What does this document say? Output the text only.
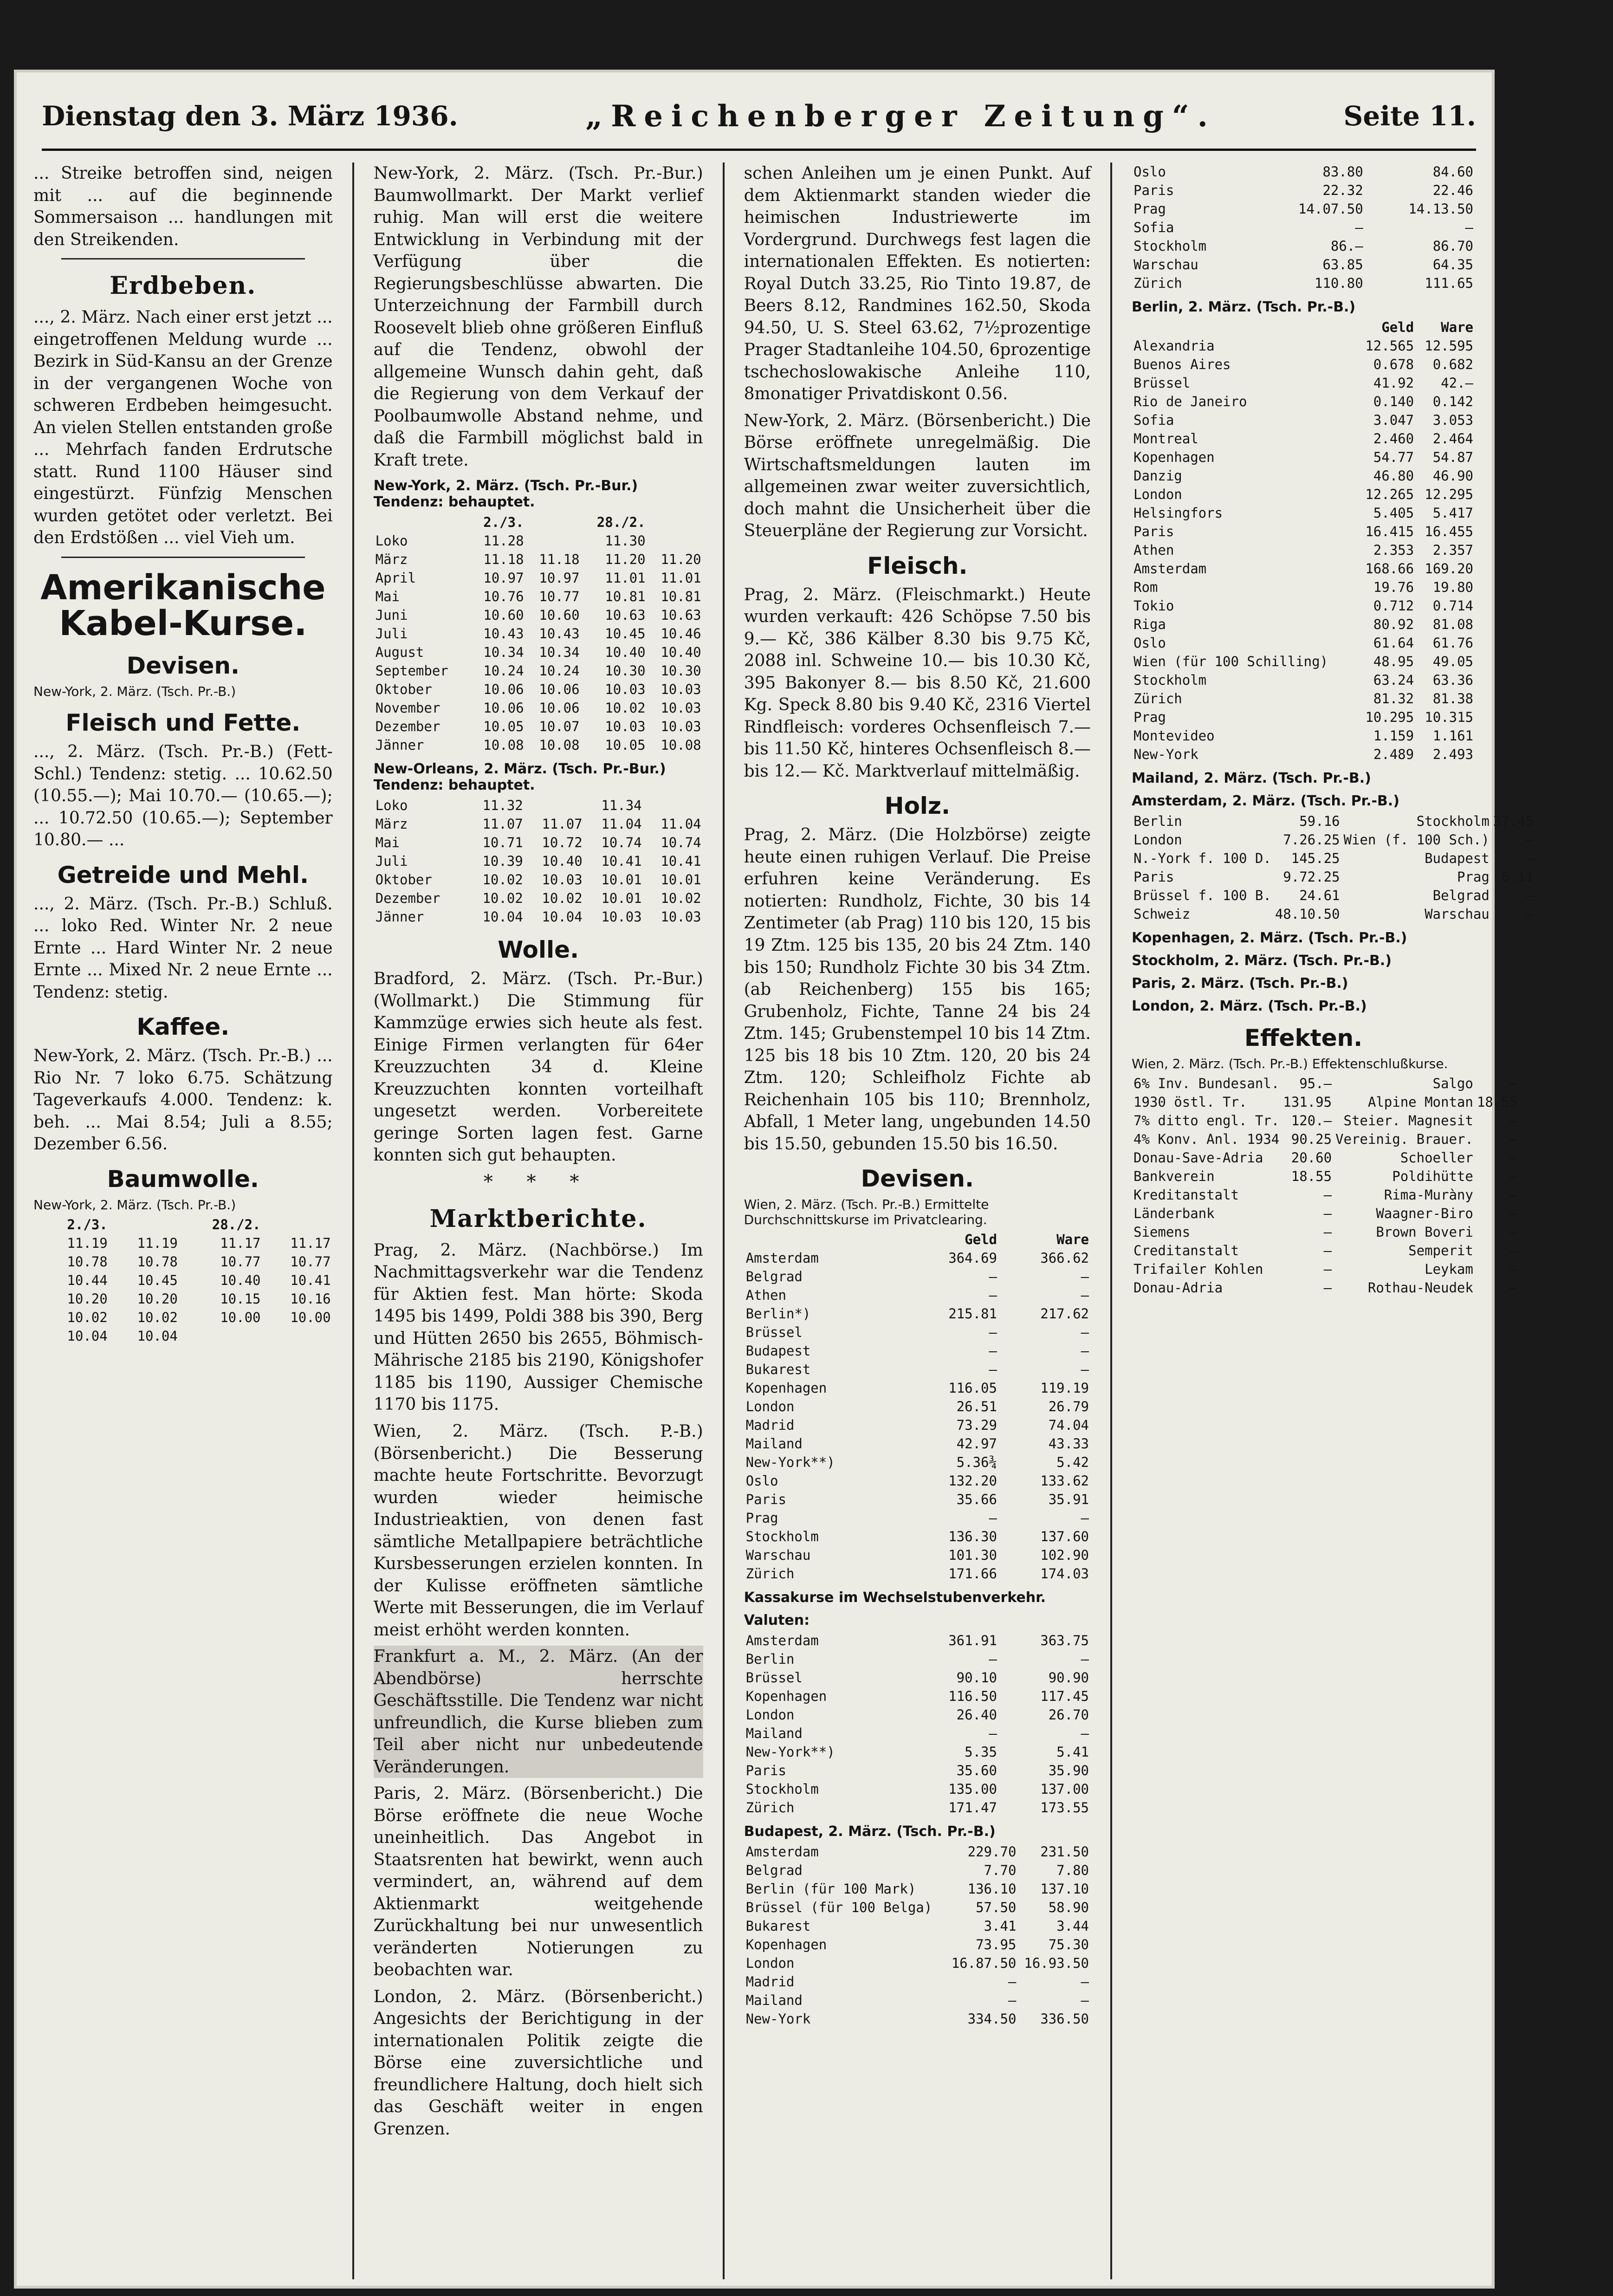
Dienstag den 3. März 1936.	„Reichenberger Zeitung“.	Seite 11.

... Streike betroffen sind, neigen mit ... auf die beginnende Sommersaison ... handlungen mit den Streikenden.

Erdbeben.

..., 2. März. Nach einer erst jetzt ... eingetroffenen Meldung wurde ... Bezirk in Süd-Kansu an der Grenze in der vergangenen Woche von schweren Erdbeben heimgesucht. An vielen Stellen entstanden große ... Mehrfach fanden Erdrutsche statt. Rund 1100 Häuser sind eingestürzt. Fünfzig Menschen wurden getötet oder verletzt. Bei den Erdstößen ... viel Vieh um.

Amerikanische Kabel-Kurse.
Devisen.
New-York, 2. März. (Tsch. Pr.-B.)
Fleisch und Fette.

..., 2. März. (Tsch. Pr.-B.) (Fett-Schl.) Tendenz: stetig. ... 10.62.50 (10.55.—); Mai 10.70.— (10.65.—); ... 10.72.50 (10.65.—); September 10.80.— ...

Getreide und Mehl.

..., 2. März. (Tsch. Pr.-B.) Schluß. ... loko Red. Winter Nr. 2 neue Ernte ... Hard Winter Nr. 2 neue Ernte ... Mixed Nr. 2 neue Ernte ... Tendenz: stetig.

Kaffee.

New-York, 2. März. (Tsch. Pr.-B.) ... Rio Nr. 7 loko 6.75. Schätzung Tageverkaufs 4.000. Tendenz: k. beh. ... Mai 8.54; Juli a 8.55; Dezember 6.56.

Baumwolle.
New-York, 2. März. (Tsch. Pr.-B.)
	2./3.		28./2.	
	11.19	11.19	11.17	11.17
	10.78	10.78	10.77	10.77
	10.44	10.45	10.40	10.41
	10.20	10.20	10.15	10.16
	10.02	10.02	10.00	10.00
	10.04	10.04		

New-York, 2. März. (Tsch. Pr.-Bur.) Baumwollmarkt. Der Markt verlief ruhig. Man will erst die weitere Entwicklung in Verbindung mit der Verfügung über die Regierungsbeschlüsse abwarten. Die Unterzeichnung der Farmbill durch Roosevelt blieb ohne größeren Einfluß auf die Tendenz, obwohl der allgemeine Wunsch dahin geht, daß die Regierung von dem Verkauf der Poolbaumwolle Abstand nehme, und daß die Farmbill möglichst bald in Kraft trete.

New-York, 2. März. (Tsch. Pr.-Bur.) Tendenz: behauptet.
	2./3.		28./2.	
Loko	11.28		11.30	
März	11.18	11.18	11.20	11.20
April	10.97	10.97	11.01	11.01
Mai	10.76	10.77	10.81	10.81
Juni	10.60	10.60	10.63	10.63
Juli	10.43	10.43	10.45	10.46
August	10.34	10.34	10.40	10.40
September	10.24	10.24	10.30	10.30
Oktober	10.06	10.06	10.03	10.03
November	10.06	10.06	10.02	10.03
Dezember	10.05	10.07	10.03	10.03
Jänner	10.08	10.08	10.05	10.08
New-Orleans, 2. März. (Tsch. Pr.-Bur.) Tendenz: behauptet.
Loko	11.32		11.34	
März	11.07	11.07	11.04	11.04
Mai	10.71	10.72	10.74	10.74
Juli	10.39	10.40	10.41	10.41
Oktober	10.02	10.03	10.01	10.01
Dezember	10.02	10.02	10.01	10.02
Jänner	10.04	10.04	10.03	10.03
Wolle.

Bradford, 2. März. (Tsch. Pr.-Bur.) (Wollmarkt.) Die Stimmung für Kammzüge erwies sich heute als fest. Einige Firmen verlangten für 64er Kreuzzuchten 34 d. Kleine Kreuzzuchten konnten vorteilhaft ungesetzt werden. Vorbereitete geringe Sorten lagen fest. Garne konnten sich gut behaupten.

* * *
Marktberichte.

Prag, 2. März. (Nachbörse.) Im Nachmittagsverkehr war die Tendenz für Aktien fest. Man hörte: Skoda 1495 bis 1499, Poldi 388 bis 390, Berg und Hütten 2650 bis 2655, Böhmisch-Mährische 2185 bis 2190, Königshofer 1185 bis 1190, Aussiger Chemische 1170 bis 1175.

Wien, 2. März. (Tsch. P.-B.) (Börsenbericht.) Die Besserung machte heute Fortschritte. Bevorzugt wurden wieder heimische Industrieaktien, von denen fast sämtliche Metallpapiere beträchtliche Kursbesserungen erzielen konnten. In der Kulisse eröffneten sämtliche Werte mit Besserungen, die im Verlauf meist erhöht werden konnten.

Frankfurt a. M., 2. März. (An der Abendbörse) herrschte Geschäftsstille. Die Tendenz war nicht unfreundlich, die Kurse blieben zum Teil aber nicht nur unbedeutende Veränderungen.

Paris, 2. März. (Börsenbericht.) Die Börse eröffnete die neue Woche uneinheitlich. Das Angebot in Staatsrenten hat bewirkt, wenn auch vermindert, an, während auf dem Aktienmarkt weitgehende Zurückhaltung bei nur unwesentlich veränderten Notierungen zu beobachten war.

London, 2. März. (Börsenbericht.) Angesichts der Berichtigung in der internationalen Politik zeigte die Börse eine zuversichtliche und freundlichere Haltung, doch hielt sich das Geschäft weiter in engen Grenzen.

schen Anleihen um je einen Punkt. Auf dem Aktienmarkt standen wieder die heimischen Industriewerte im Vordergrund. Durchwegs fest lagen die internationalen Effekten. Es notierten: Royal Dutch 33.25, Rio Tinto 19.87, de Beers 8.12, Randmines 162.50, Skoda 94.50, U. S. Steel 63.62, 7½prozentige Prager Stadtanleihe 104.50, 6prozentige tschechoslowakische Anleihe 110, 8monatiger Privatdiskont 0.56.

New-York, 2. März. (Börsenbericht.) Die Börse eröffnete unregelmäßig. Die Wirtschaftsmeldungen lauten im allgemeinen zwar weiter zuversichtlich, doch mahnt die Unsicherheit über die Steuerpläne der Regierung zur Vorsicht.

Fleisch.

Prag, 2. März. (Fleischmarkt.) Heute wurden verkauft: 426 Schöpse 7.50 bis 9.— Kč, 386 Kälber 8.30 bis 9.75 Kč, 2088 inl. Schweine 10.— bis 10.30 Kč, 395 Bakonyer 8.— bis 8.50 Kč, 21.600 Kg. Speck 8.80 bis 9.40 Kč, 2316 Viertel Rindfleisch: vorderes Ochsenfleisch 7.— bis 11.50 Kč, hinteres Ochsenfleisch 8.— bis 12.— Kč. Marktverlauf mittelmäßig.

Holz.

Prag, 2. März. (Die Holzbörse) zeigte heute einen ruhigen Verlauf. Die Preise erfuhren keine Veränderung. Es notierten: Rundholz, Fichte, 30 bis 14 Zentimeter (ab Prag) 110 bis 120, 15 bis 19 Ztm. 125 bis 135, 20 bis 24 Ztm. 140 bis 150; Rundholz Fichte 30 bis 34 Ztm. (ab Reichenberg) 155 bis 165; Grubenholz, Fichte, Tanne 24 bis 24 Ztm. 145; Grubenstempel 10 bis 14 Ztm. 125 bis 18 bis 10 Ztm. 120, 20 bis 24 Ztm. 120; Schleifholz Fichte ab Reichenhain 105 bis 110; Brennholz, Abfall, 1 Meter lang, ungebunden 14.50 bis 15.50, gebunden 15.50 bis 16.50.

Devisen.
Wien, 2. März. (Tsch. Pr.-B.) Ermittelte Durchschnittskurse im Privatclearing.
	Geld	Ware
Amsterdam	364.69	366.62
Belgrad	—	—
Athen	—	—
Berlin*)	215.81	217.62
Brüssel	—	—
Budapest	—	—
Bukarest	—	—
Kopenhagen	116.05	119.19
London	26.51	26.79
Madrid	73.29	74.04
Mailand	42.97	43.33
New-York**)	5.36¾	5.42
Oslo	132.20	133.62
Paris	35.66	35.91
Prag	—	—
Stockholm	136.30	137.60
Warschau	101.30	102.90
Zürich	171.66	174.03
Kassakurse im Wechselstubenverkehr.
Valuten:
Amsterdam	361.91	363.75
Berlin	—	—
Brüssel	90.10	90.90
Kopenhagen	116.50	117.45
London	26.40	26.70
Mailand	—	—
New-York**)	5.35	5.41
Paris	35.60	35.90
Stockholm	135.00	137.00
Zürich	171.47	173.55
Budapest, 2. März. (Tsch. Pr.-B.)
Amsterdam	229.70	231.50
Belgrad	7.70	7.80
Berlin (für 100 Mark)	136.10	137.10
Brüssel (für 100 Belga)	57.50	58.90
Bukarest	3.41	3.44
Kopenhagen	73.95	75.30
London	16.87.50	16.93.50
Madrid	—	—
Mailand	—	—
New-York	334.50	336.50
Oslo	83.80	84.60
Paris	22.32	22.46
Prag	14.07.50	14.13.50
Sofia	—	—
Stockholm	86.—	86.70
Warschau	63.85	64.35
Zürich	110.80	111.65
Berlin, 2. März. (Tsch. Pr.-B.)
	Geld	Ware
Alexandria	12.565	12.595
Buenos Aires	0.678	0.682
Brüssel	41.92	42.—
Rio de Janeiro	0.140	0.142
Sofia	3.047	3.053
Montreal	2.460	2.464
Kopenhagen	54.77	54.87
Danzig	46.80	46.90
London	12.265	12.295
Helsingfors	5.405	5.417
Paris	16.415	16.455
Athen	2.353	2.357
Amsterdam	168.66	169.20
Rom	19.76	19.80
Tokio	0.712	0.714
Riga	80.92	81.08
Oslo	61.64	61.76
Wien (für 100 Schilling)	48.95	49.05
Stockholm	63.24	63.36
Zürich	81.32	81.38
Prag	10.295	10.315
Montevideo	1.159	1.161
New-York	2.489	2.493
Mailand, 2. März. (Tsch. Pr.-B.)
Amsterdam, 2. März. (Tsch. Pr.-B.)
Berlin	59.16	Stockholm	37.45
London	7.26.25	Wien (f. 100 Sch.)	—
N.-York f. 100 D.	145.25	Budapest	—
Paris	9.72.25	Prag	6.11
Brüssel f. 100 B.	24.61	Belgrad	—
Schweiz	48.10.50	Warschau	—
Kopenhagen, 2. März. (Tsch. Pr.-B.)
Stockholm, 2. März. (Tsch. Pr.-B.)
Paris, 2. März. (Tsch. Pr.-B.)
London, 2. März. (Tsch. Pr.-B.)
Effekten.
Wien, 2. März. (Tsch. Pr.-B.) Effektenschlußkurse.
6% Inv. Bundesanl.	95.—	Salgo	—
1930 östl. Tr.	131.95	Alpine Montan	18.55
7% ditto engl. Tr.	120.—	Steier. Magnesit	—
4% Konv. Anl. 1934	90.25	Vereinig. Brauer.	—
Donau-Save-Adria	20.60	Schoeller	—
Bankverein	18.55	Poldihütte	—
Kreditanstalt	—	Rima-Muràny	—
Länderbank	—	Waagner-Biro	—
Siemens	—	Brown Boveri	—
Creditanstalt	—	Semperit	—
Trifailer Kohlen	—	Leykam	—
Donau-Adria	—	Rothau-Neudek	—
